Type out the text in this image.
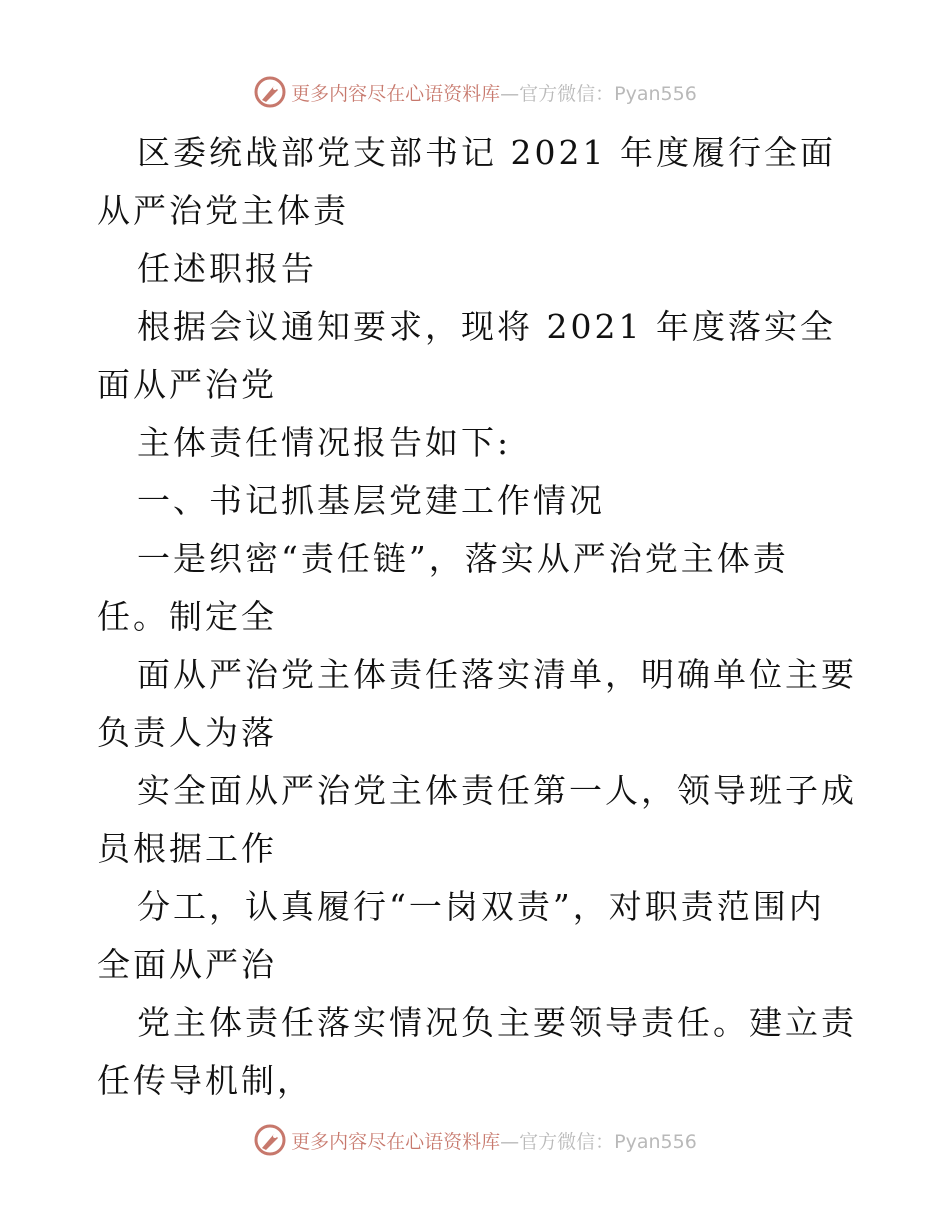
更多内容尽在心语资料库—官方微信：Pyan556

区委统战部党支部书记 2021 年度履行全面从严治党主体责

任述职报告

根据会议通知要求，现将 2021 年度落实全面从严治党

主体责任情况报告如下:

一、书记抓基层党建工作情况

一是织密“责任链”，落实从严治党主体责任。制定全

面从严治党主体责任落实清单，明确单位主要负责人为落

实全面从严治党主体责任第一人，领导班子成员根据工作

分工，认真履行“一岗双责”，对职责范围内全面从严治

党主体责任落实情况负主要领导责任。建立责任传导机制，

更多内容尽在心语资料库—官方微信：Pyan556
